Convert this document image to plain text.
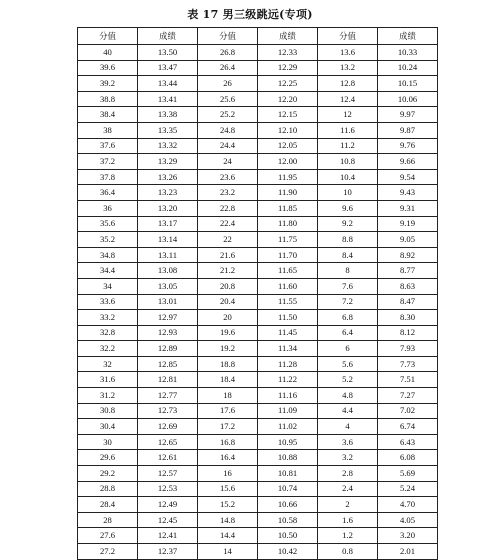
表 17 男三级跳远(专项)
分值	成绩	分值	成绩	分值	成绩
40	13.50	26.8	12.33	13.6	10.33
39.6	13.47	26.4	12.29	13.2	10.24
39.2	13.44	26	12.25	12.8	10.15
38.8	13.41	25.6	12.20	12.4	10.06
38.4	13.38	25.2	12.15	12	9.97
38	13.35	24.8	12.10	11.6	9.87
37.6	13.32	24.4	12.05	11.2	9.76
37.2	13.29	24	12.00	10.8	9.66
37.8	13.26	23.6	11.95	10.4	9.54
36.4	13.23	23.2	11.90	10	9.43
36	13.20	22.8	11.85	9.6	9.31
35.6	13.17	22.4	11.80	9.2	9.19
35.2	13.14	22	11.75	8.8	9.05
34.8	13.11	21.6	11.70	8.4	8.92
34.4	13.08	21.2	11.65	8	8.77
34	13.05	20.8	11.60	7.6	8.63
33.6	13.01	20.4	11.55	7.2	8.47
33.2	12.97	20	11.50	6.8	8.30
32.8	12.93	19.6	11.45	6.4	8.12
32.2	12.89	19.2	11.34	6	7.93
32	12.85	18.8	11.28	5.6	7.73
31.6	12.81	18.4	11.22	5.2	7.51
31.2	12.77	18	11.16	4.8	7.27
30.8	12.73	17.6	11.09	4.4	7.02
30.4	12.69	17.2	11.02	4	6.74
30	12.65	16.8	10.95	3.6	6.43
29.6	12.61	16.4	10.88	3.2	6.08
29.2	12.57	16	10.81	2.8	5.69
28.8	12.53	15.6	10.74	2.4	5.24
28.4	12.49	15.2	10.66	2	4.70
28	12.45	14.8	10.58	1.6	4.05
27.6	12.41	14.4	10.50	1.2	3.20
27.2	12.37	14	10.42	0.8	2.01
